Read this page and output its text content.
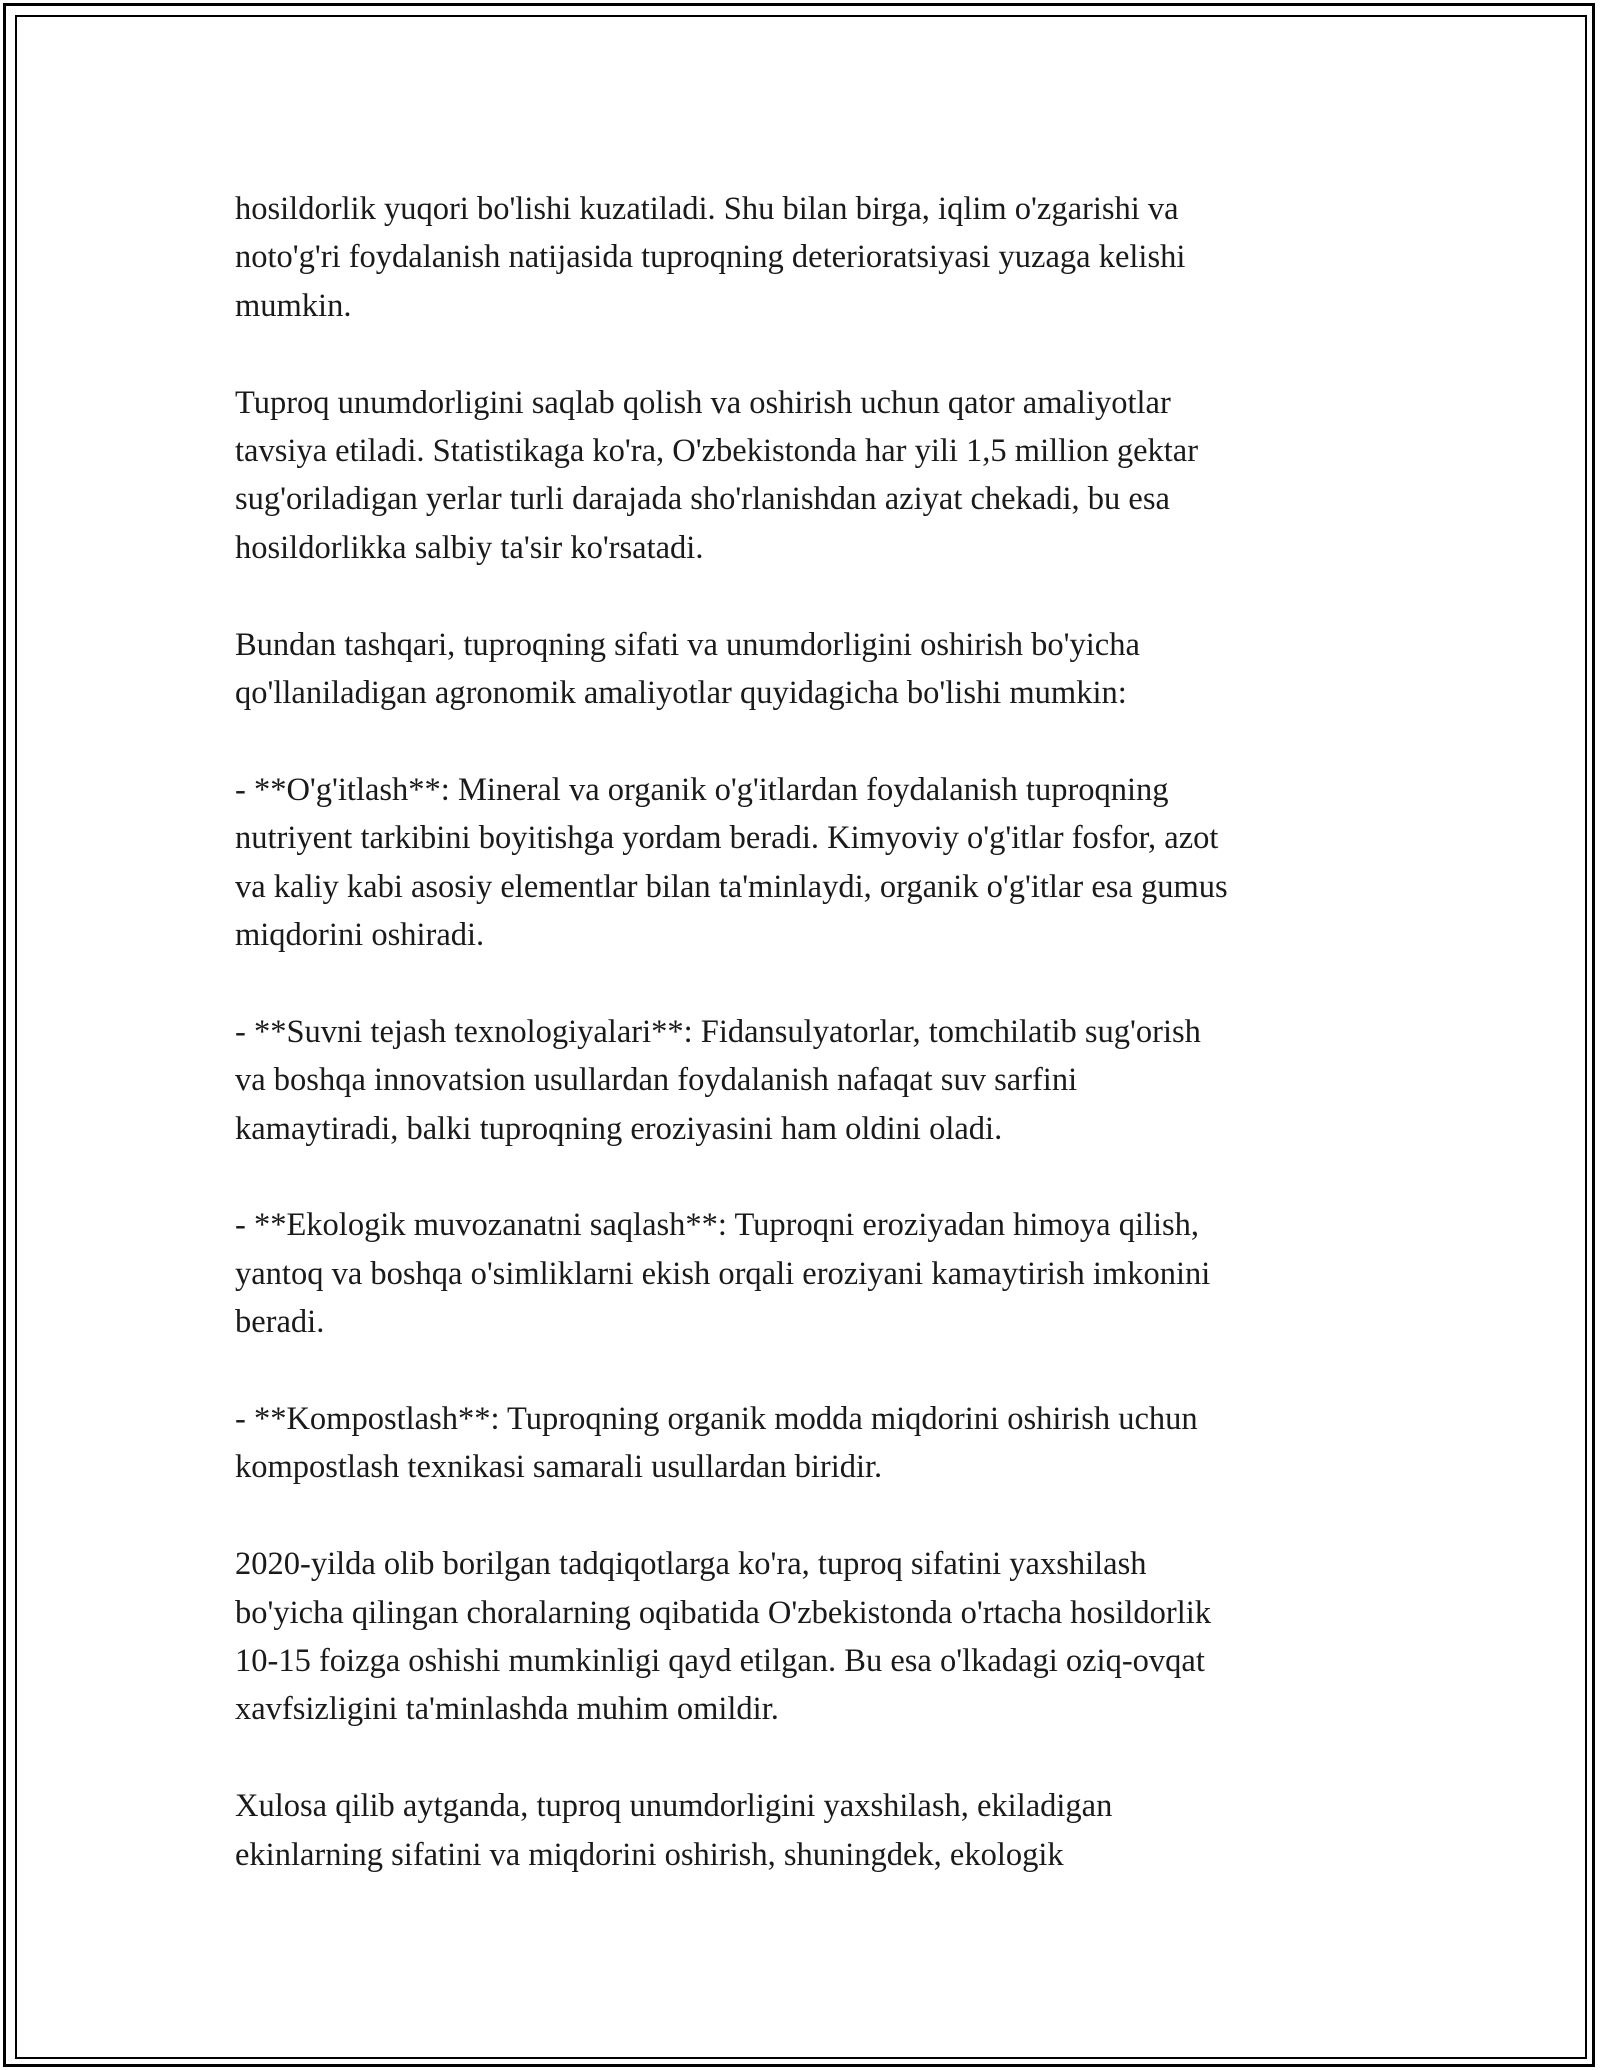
hosildorlik yuqori bo'lishi kuzatiladi. Shu bilan birga, iqlim o'zgarishi va
noto'g'ri foydalanish natijasida tuproqning deterioratsiyasi yuzaga kelishi
mumkin.

Tuproq unumdorligini saqlab qolish va oshirish uchun qator amaliyotlar
tavsiya etiladi. Statistikaga ko'ra, O'zbekistonda har yili 1,5 million gektar
sug'oriladigan yerlar turli darajada sho'rlanishdan aziyat chekadi, bu esa
hosildorlikka salbiy ta'sir ko'rsatadi.

Bundan tashqari, tuproqning sifati va unumdorligini oshirish bo'yicha
qo'llaniladigan agronomik amaliyotlar quyidagicha bo'lishi mumkin:

- **O'g'itlash**: Mineral va organik o'g'itlardan foydalanish tuproqning
nutriyent tarkibini boyitishga yordam beradi. Kimyoviy o'g'itlar fosfor, azot
va kaliy kabi asosiy elementlar bilan ta'minlaydi, organik o'g'itlar esa gumus
miqdorini oshiradi.

- **Suvni tejash texnologiyalari**: Fidansulyatorlar, tomchilatib sug'orish
va boshqa innovatsion usullardan foydalanish nafaqat suv sarfini
kamaytiradi, balki tuproqning eroziyasini ham oldini oladi.

- **Ekologik muvozanatni saqlash**: Tuproqni eroziyadan himoya qilish,
yantoq va boshqa o'simliklarni ekish orqali eroziyani kamaytirish imkonini
beradi.

- **Kompostlash**: Tuproqning organik modda miqdorini oshirish uchun
kompostlash texnikasi samarali usullardan biridir.

2020-yilda olib borilgan tadqiqotlarga ko'ra, tuproq sifatini yaxshilash
bo'yicha qilingan choralarning oqibatida O'zbekistonda o'rtacha hosildorlik
10-15 foizga oshishi mumkinligi qayd etilgan. Bu esa o'lkadagi oziq-ovqat
xavfsizligini ta'minlashda muhim omildir.

Xulosa qilib aytganda, tuproq unumdorligini yaxshilash, ekiladigan
ekinlarning sifatini va miqdorini oshirish, shuningdek, ekologik
